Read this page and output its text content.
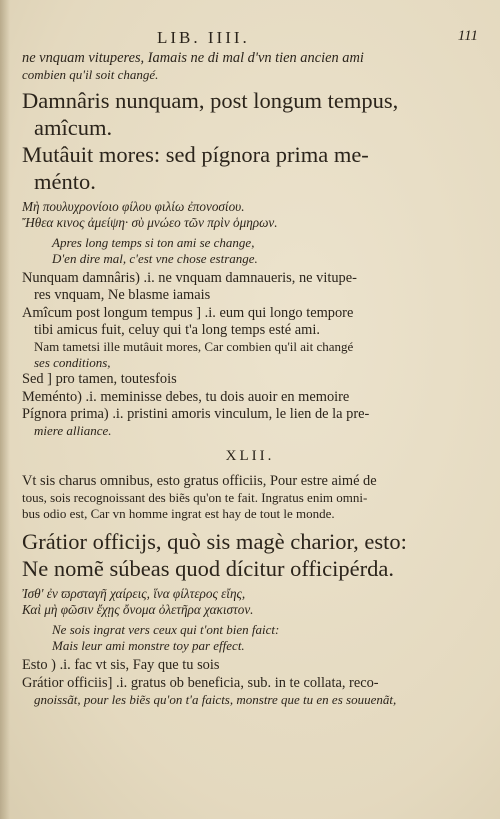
LIB. IIII.	111
ne vnquam vituperes, Iamais ne di mal d'vn tien ancien ami
combien qu'il soit changé.
Damnâris nunquam, post longum tempus,
amîcum.
Mutâuit mores: sed pígnora prima me-
ménto.
Μὴ πουλυχρονίοιο φίλου φιλίω ἐπονοσίου.
Ἤθεα κινος ἀμείψη· σὺ μνώεο τῶν πρὶν ὁμηρων.
Apres long temps si ton ami se change,
D'en dire mal, c'est vne chose estrange.
Nunquam damnâris) .i. ne vnquam damnaueris, ne vitupe-
res vnquam, Ne blasme iamais
Amîcum post longum tempus ] .i. eum qui longo tempore
tibi amicus fuit, celuy qui t'a long temps esté ami.
Nam tametsi ille mutâuit mores, Car combien qu'il ait changé
ses conditions,
Sed ] pro tamen, toutesfois
Meménto) .i. meminisse debes, tu dois auoir en memoire
Pígnora prima) .i. pristini amoris vinculum, le lien de la pre-
miere alliance.
XLII.
Vt sis charus omnibus, esto gratus officiis, Pour estre aimé de
tous, sois recognoissant des biẽs qu'on te fait. Ingratus enim omni-
bus odio est, Car vn homme ingrat est hay de tout le monde.
Grátior officijs, quò sis magè charior, esto:
Ne nomẽ súbeas quod dícitur officipérda.
Ἰσθ' ἐν ϖρσταγῆ χαίρεις, ἵνα φίλτερος εἴης,
Καὶ μὴ φῶσιν ἔχῃς ὄνομα ὀλετῆρα χακιστον.
Ne sois ingrat vers ceux qui t'ont bien faict:
Mais leur ami monstre toy par effect.
Esto ) .i. fac vt sis, Fay que tu sois
Grátior officiis] .i. gratus ob beneficia, sub. in te collata, reco-
gnoissãt, pour les biẽs qu'on t'a faicts, monstre que tu en es souuenãt,
